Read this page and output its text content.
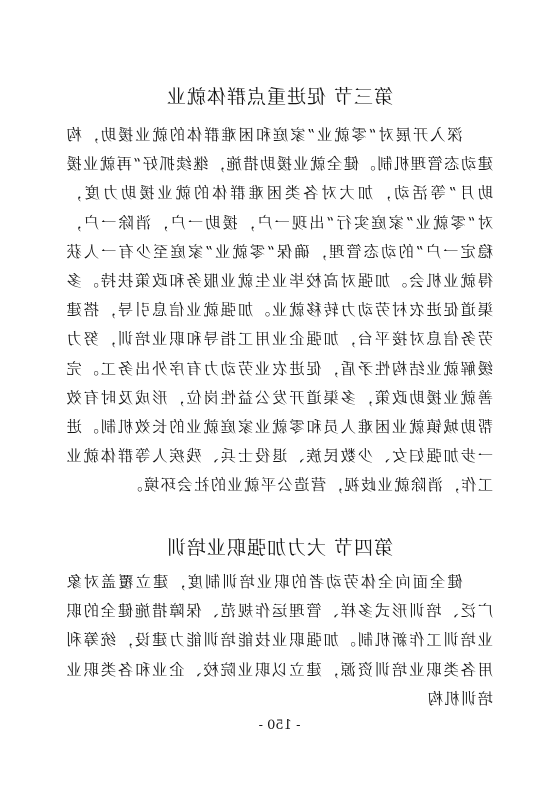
第三节 促进重点群体就业

深入开展对“零就业”家庭和困难群体的就业援助，构建动态管理机制。健全就业援助措施，继续抓好“再就业援助月”等活动，加大对各类困难群体的就业援助力度，对“零就业”家庭实行“出现一户，援助一户，消除一户，稳定一户”的动态管理，确保“零就业”家庭至少有一人获得就业机会。加强对高校毕业生就业服务和政策扶持。多渠道促进农村劳动力转移就业。加强就业信息引导，搭建劳务信息对接平台，加强企业用工指导和职业培训，努力缓解就业结构性矛盾，促进农业劳动力有序外出务工。完善就业援助政策，多渠道开发公益性岗位，形成及时有效帮助城镇就业困难人员和零就业家庭就业的长效机制。进一步加强妇女、少数民族、退役士兵、残疾人等群体就业工作，消除就业歧视，营造公平就业的社会环境。

第四节 大力加强职业培训

健全面向全体劳动者的职业培训制度，建立覆盖对象广泛、培训形式多样、管理运作规范、保障措施健全的职业培训工作新机制。加强职业技能培训能力建设，统筹利用各类职业培训资源，建立以职业院校、企业和各类职业培训机构

- 150 -
